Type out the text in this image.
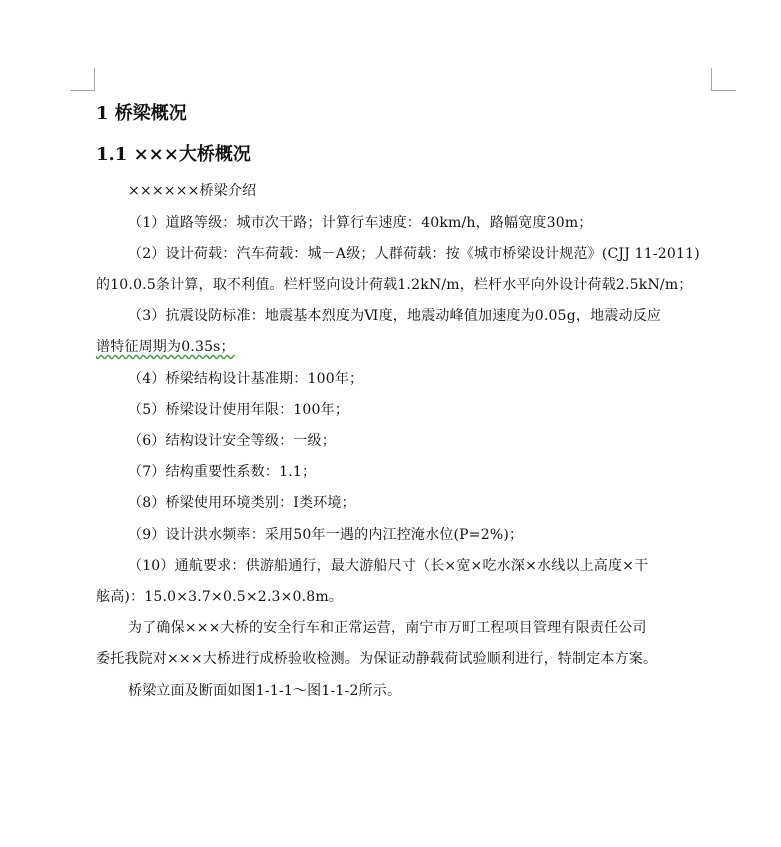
1 桥梁概况
1.1 ×××大桥概况
××××××桥梁介绍
（1）道路等级：城市次干路；计算行车速度：40km/h，路幅宽度30m；
（2）设计荷载：汽车荷载：城－A级；人群荷载：按《城市桥梁设计规范》(CJJ 11-2011)
的10.0.5条计算，取不利值。栏杆竖向设计荷载1.2kN/m，栏杆水平向外设计荷载2.5kN/m；
（3）抗震设防标准：地震基本烈度为Ⅵ度，地震动峰值加速度为0.05g，地震动反应
谱特征周期为0.35s；
（4）桥梁结构设计基准期：100年；
（5）桥梁设计使用年限：100年；
（6）结构设计安全等级：一级；
（7）结构重要性系数：1.1；
（8）桥梁使用环境类别：Ⅰ类环境；
（9）设计洪水频率：采用50年一遇的内江控淹水位(P=2%)；
（10）通航要求：供游船通行，最大游船尺寸（长×宽×吃水深×水线以上高度×干
舷高)：15.0×3.7×0.5×2.3×0.8m。
为了确保×××大桥的安全行车和正常运营，南宁市万町工程项目管理有限责任公司
委托我院对×××大桥进行成桥验收检测。为保证动静载荷试验顺利进行，特制定本方案。
桥梁立面及断面如图1-1-1～图1-1-2所示。
